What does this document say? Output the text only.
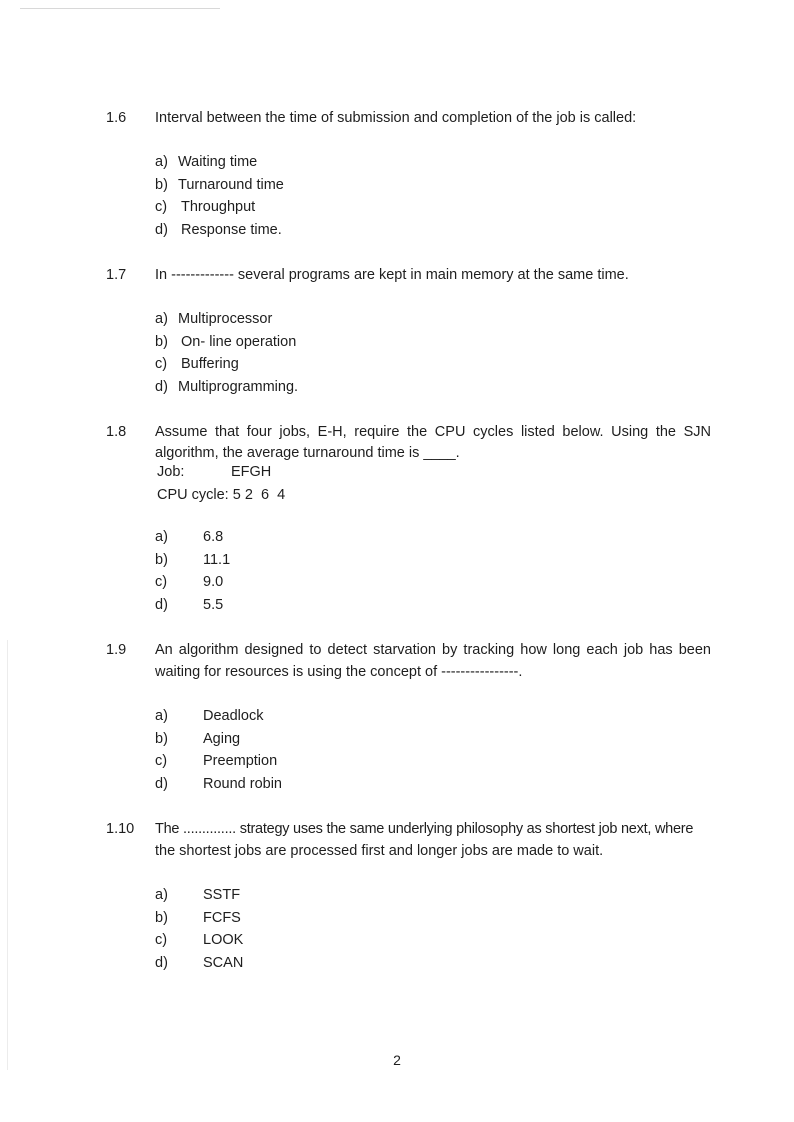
1.6 Interval between the time of submission and completion of the job is called:
a) Waiting time
b) Turnaround time
c) Throughput
d) Response time.
1.7 In ------------- several programs are kept in main memory at the same time.
a) Multiprocessor
b) On- line operation
c) Buffering
d) Multiprogramming.
1.8 Assume that four jobs, E-H, require the CPU cycles listed below. Using the SJN
algorithm, the average turnaround time is ____.
Job:	EFGH
CPU cycle: 5 2  6  4
a) 6.8
b) 11.1
c) 9.0
d) 5.5
1.9 An algorithm designed to detect starvation by tracking how long each job has been
waiting for resources is using the concept of ----------------.
a) Deadlock
b) Aging
c) Preemption
d) Round robin
1.10 The .............. strategy uses the same underlying philosophy as shortest job next, where
the shortest jobs are processed first and longer jobs are made to wait.
a) SSTF
b) FCFS
c) LOOK
d) SCAN
2
